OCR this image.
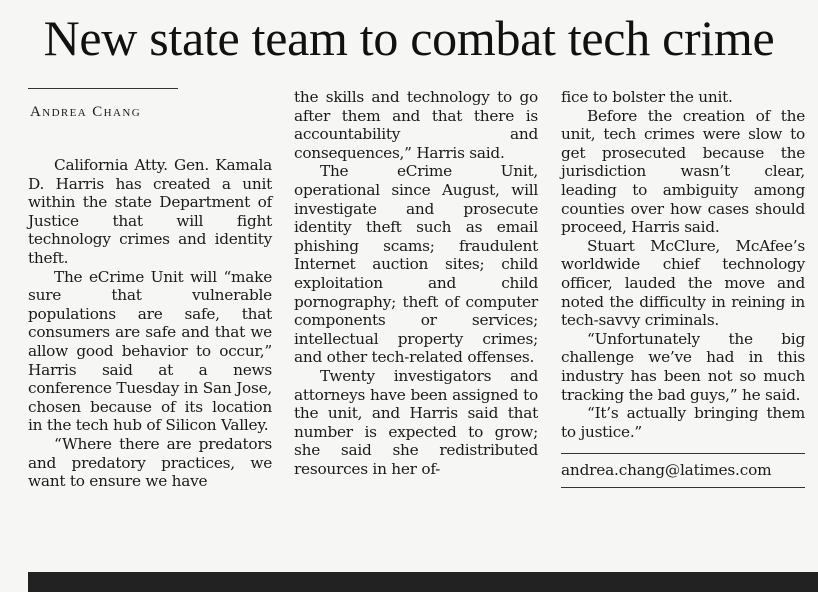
New state team to combat tech crime
Andrea Chang

California Atty. Gen. Kamala D. Harris has created a unit within the state Department of Justice that will fight technology crimes and identity theft.

The eCrime Unit will “make sure that vulnerable populations are safe, that consumers are safe and that we allow good behavior to occur,” Harris said at a news conference Tuesday in San Jose, chosen because of its location in the tech hub of Silicon Valley.

“Where there are predators and predatory practices, we want to ensure we have

the skills and technology to go after them and that there is accountability and consequences,” Harris said.

The eCrime Unit, operational since August, will investigate and prosecute identity theft such as email phishing scams; fraudulent Internet auction sites; child exploitation and child pornography; theft of computer components or services; intellectual property crimes; and other tech-related offenses.

Twenty investigators and attorneys have been assigned to the unit, and Harris said that number is expected to grow; she said she redistributed resources in her of-

fice to bolster the unit.

Before the creation of the unit, tech crimes were slow to get prosecuted because the jurisdiction wasn’t clear, leading to ambiguity among counties over how cases should proceed, Harris said.

Stuart McClure, McAfee’s worldwide chief technology officer, lauded the move and noted the difficulty in reining in tech-savvy criminals.

“Unfortunately the big challenge we’ve had in this industry has been not so much tracking the bad guys,” he said.

“It’s actually bringing them to justice.”

andrea.chang@latimes.com
